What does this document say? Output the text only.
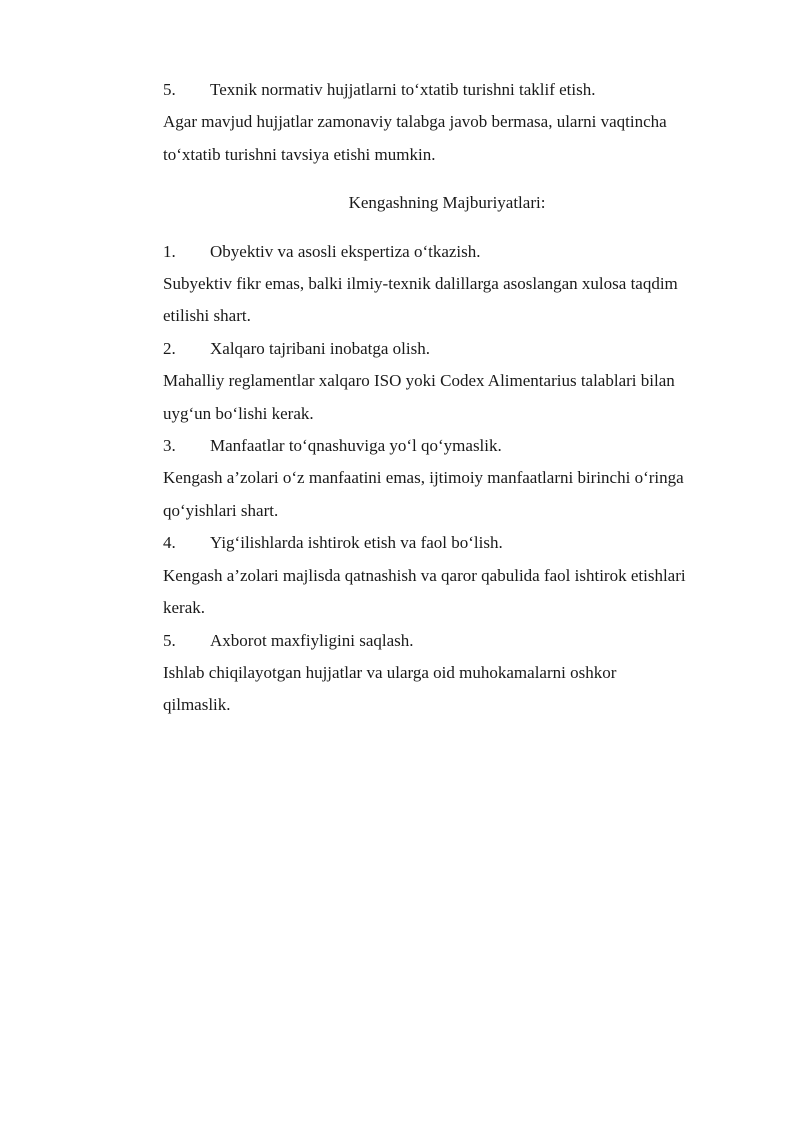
5.	Texnik normativ hujjatlarni to‘xtatib turishni taklif etish.
Agar mavjud hujjatlar zamonaviy talabga javob bermasa, ularni vaqtincha
to‘xtatib turishni tavsiya etishi mumkin.
Kengashning Majburiyatlari:
1.	Obyektiv va asosli ekspertiza o‘tkazish.
Subyektiv fikr emas, balki ilmiy-texnik dalillarga asoslangan xulosa taqdim
etilishi shart.
2.	Xalqaro tajribani inobatga olish.
Mahalliy reglamentlar xalqaro ISO yoki Codex Alimentarius talablari bilan
uyg‘un bo‘lishi kerak.
3.	Manfaatlar to‘qnashuviga yo‘l qo‘ymaslik.
Kengash a’zolari o‘z manfaatini emas, ijtimoiy manfaatlarni birinchi o‘ringa
qo‘yishlari shart.
4.	Yig‘ilishlarda ishtirok etish va faol bo‘lish.
Kengash a’zolari majlisda qatnashish va qaror qabulida faol ishtirok etishlari
kerak.
5.	Axborot maxfiyligini saqlash.
Ishlab chiqilayotgan hujjatlar va ularga oid muhokamalarni oshkor
qilmaslik.
